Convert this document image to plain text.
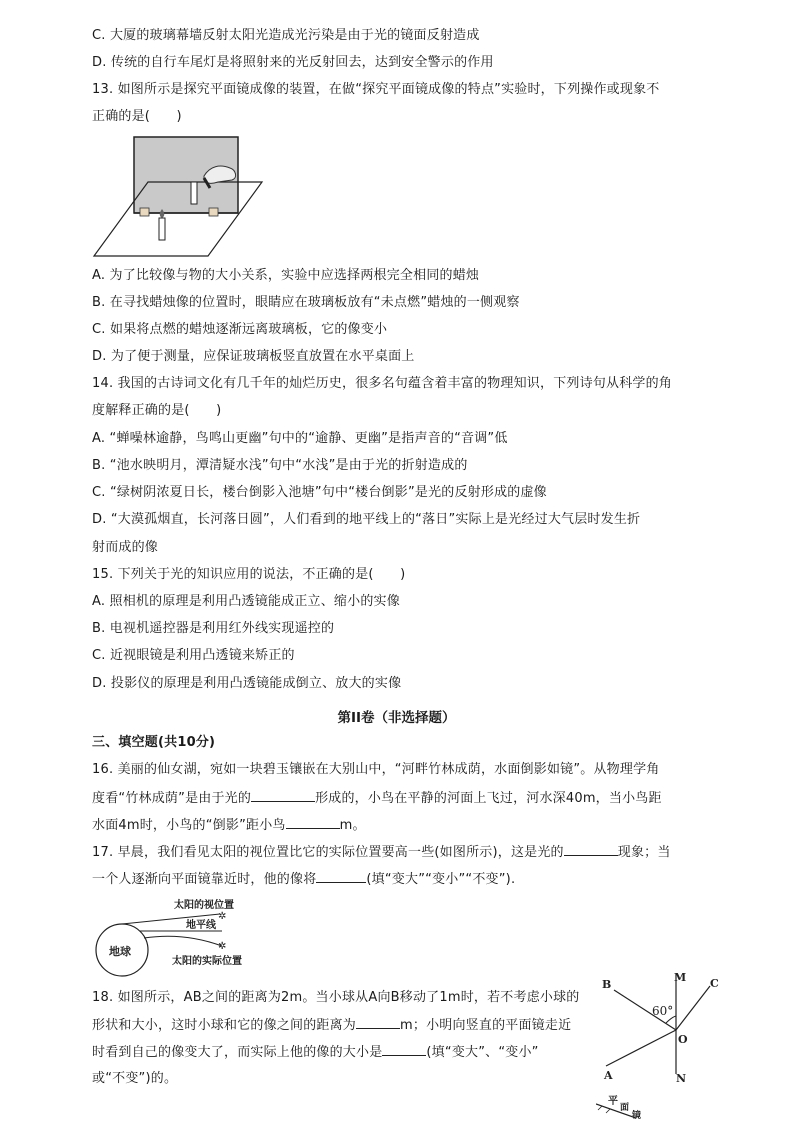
C. 大厦的玻璃幕墙反射太阳光造成光污染是由于光的镜面反射造成
D. 传统的自行车尾灯是将照射来的光反射回去，达到安全警示的作用
13. 如图所示是探究平面镜成像的装置，在做“探究平面镜成像的特点”实验时，下列操作或现象不
正确的是(　　)
A. 为了比较像与物的大小关系，实验中应选择两根完全相同的蜡烛
B. 在寻找蜡烛像的位置时，眼睛应在玻璃板放有“未点燃”蜡烛的一侧观察
C. 如果将点燃的蜡烛逐渐远离玻璃板，它的像变小
D. 为了便于测量，应保证玻璃板竖直放置在水平桌面上
14. 我国的古诗词文化有几千年的灿烂历史，很多名句蕴含着丰富的物理知识，下列诗句从科学的角
度解释正确的是(　　)
A. “蝉噪林逾静，鸟鸣山更幽”句中的“逾静、更幽”是指声音的“音调”低
B. “池水映明月，潭清疑水浅”句中“水浅”是由于光的折射造成的
C. “绿树阴浓夏日长，楼台倒影入池塘”句中“楼台倒影”是光的反射形成的虚像
D. “大漠孤烟直，长河落日圆”，人们看到的地平线上的“落日”实际上是光经过大气层时发生折
射而成的像
15. 下列关于光的知识应用的说法，不正确的是(　　)
A. 照相机的原理是利用凸透镜能成正立、缩小的实像
B. 电视机遥控器是利用红外线实现遥控的
C. 近视眼镜是利用凸透镜来矫正的
D. 投影仪的原理是利用凸透镜能成倒立、放大的实像
第II卷（非选择题）
三、填空题(共10分)
16. 美丽的仙女湖，宛如一块碧玉镶嵌在大别山中，“河畔竹林成荫，水面倒影如镜”。从物理学角
度看“竹林成荫”是由于光的	形成的，小鸟在平静的河面上飞过，河水深40m，当小鸟距
水面4m时，小鸟的“倒影”距小鸟	m。
17. 早晨，我们看见太阳的视位置比它的实际位置要高一些(如图所示)，这是光的	现象；当
一个人逐渐向平面镜靠近时，他的像将	(填“变大”“变小”“不变”).
地球
太阳的视位置
✲
地平线
✲
太阳的实际位置
18. 如图所示，AB之间的距离为2m。当小球从A向B移动了1m时，若不考虑小球的
形状和大小，这时小球和它的像之间的距离为	m；小明向竖直的平面镜走近
时看到自己的像变大了，而实际上他的像的大小是	(填“变大”、“变小”
或“不变”)的。
60°
B
M C
O
A	N
平
面
镜
